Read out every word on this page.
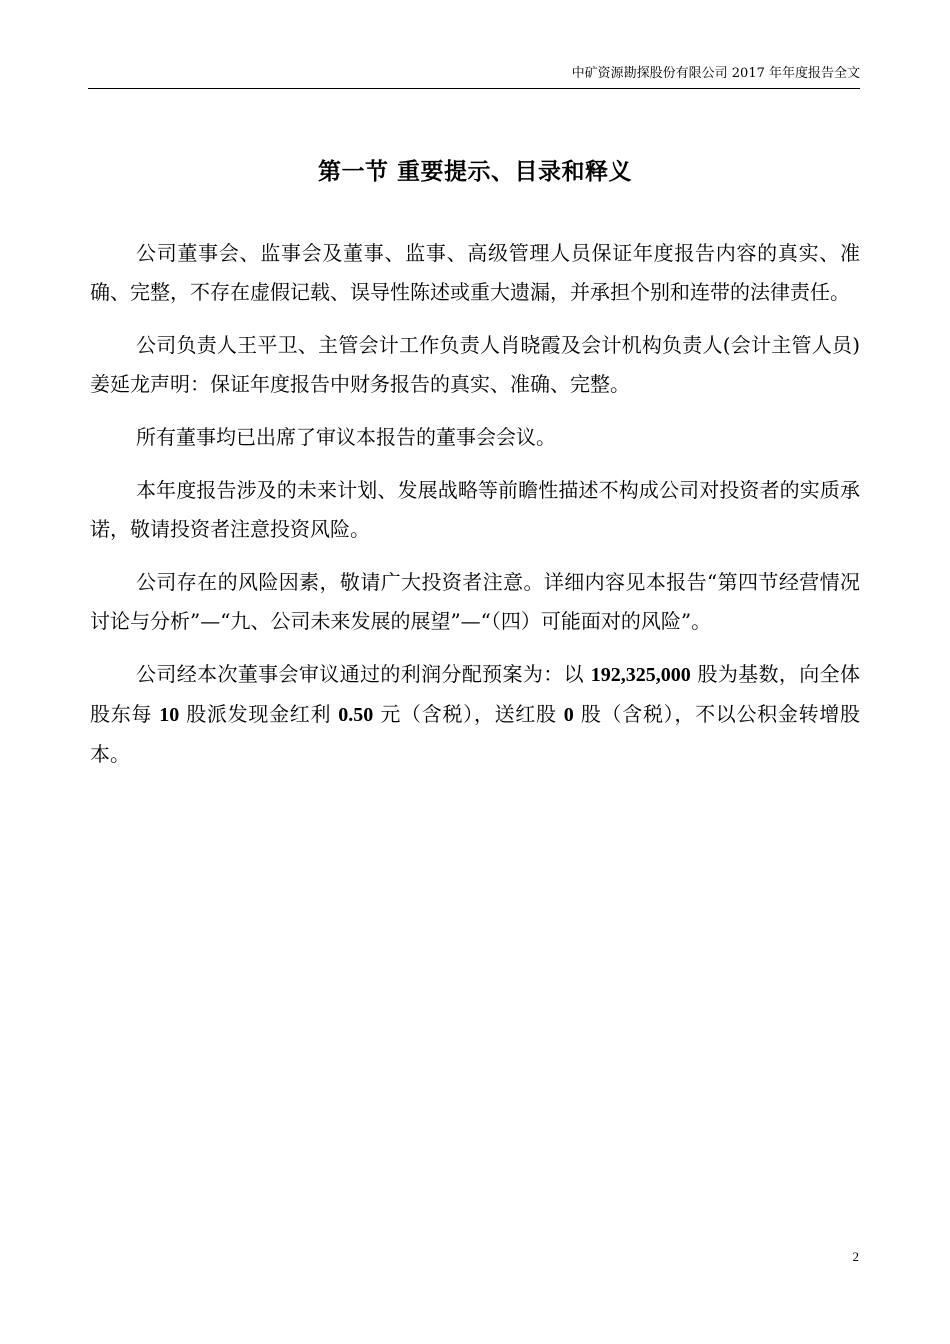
中矿资源勘探股份有限公司 2017 年年度报告全文
第一节 重要提示、目录和释义

公司董事会、监事会及董事、监事、高级管理人员保证年度报告内容的真实、准确、完整，不存在虚假记载、误导性陈述或重大遗漏，并承担个别和连带的法律责任。

公司负责人王平卫、主管会计工作负责人肖晓霞及会计机构负责人(会计主管人员)姜延龙声明：保证年度报告中财务报告的真实、准确、完整。

所有董事均已出席了审议本报告的董事会会议。

本年度报告涉及的未来计划、发展战略等前瞻性描述不构成公司对投资者的实质承诺，敬请投资者注意投资风险。

公司存在的风险因素，敬请广大投资者注意。详细内容见本报告“第四节经营情况讨论与分析”—“九、公司未来发展的展望”—“（四）可能面对的风险”。

公司经本次董事会审议通过的利润分配预案为：以 192,325,000 股为基数，向全体股东每 10 股派发现金红利 0.50 元（含税），送红股 0 股（含税），不以公积金转增股本。

2
